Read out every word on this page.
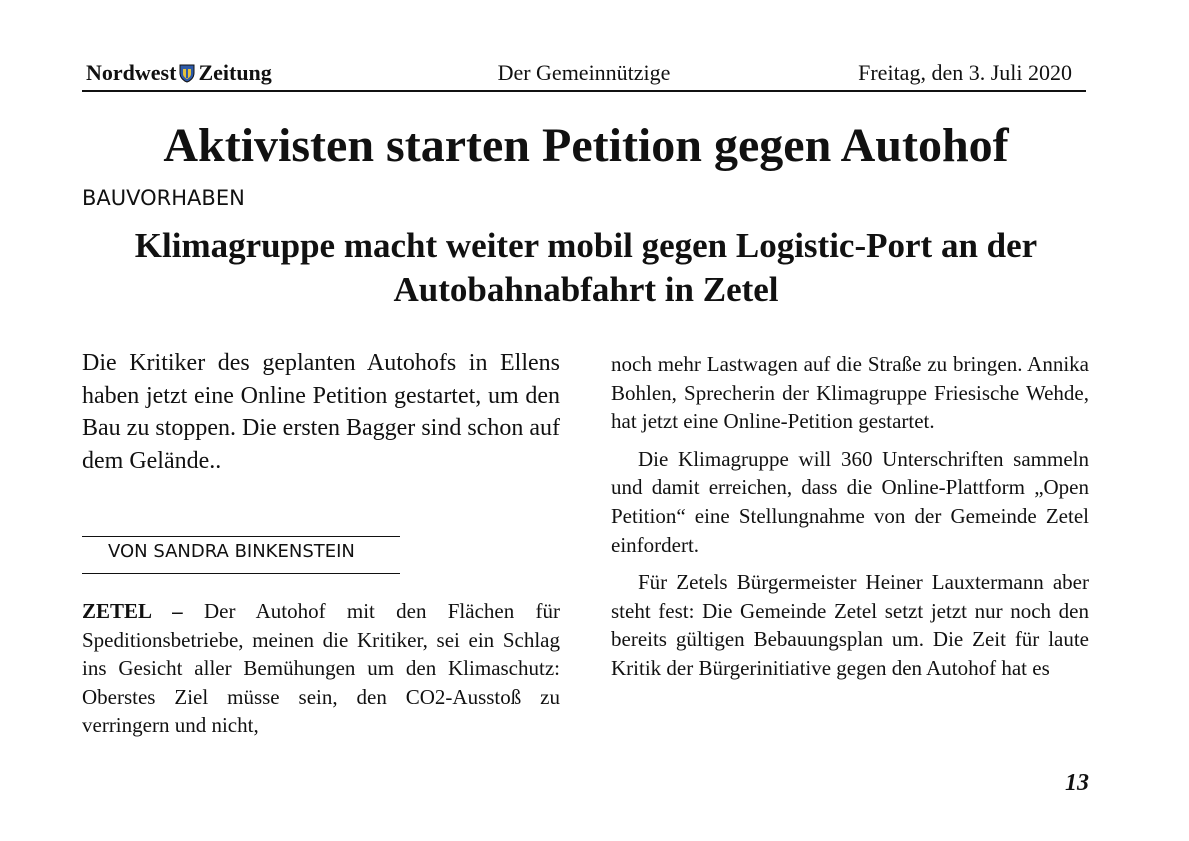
Nordwest Zeitung	Der Gemeinnützige	Freitag, den 3. Juli 2020
Aktivisten starten Petition gegen Autohof
BAUVORHABEN
Klimagruppe macht weiter mobil gegen Logistic-Port an der Autobahnabfahrt in Zetel

Die Kritiker des geplanten Autohofs in Ellens haben jetzt eine Online Petition gestartet, um den Bau zu stoppen. Die ersten Bagger sind schon auf dem Gelände..

VON SANDRA BINKENSTEIN

ZETEL – Der Autohof mit den Flächen für Speditionsbetriebe, meinen die Kritiker, sei ein Schlag ins Gesicht aller Bemühungen um den Klimaschutz: Oberstes Ziel müsse sein, den CO2-Ausstoß zu verringern und nicht,

noch mehr Lastwagen auf die Straße zu bringen. Annika Bohlen, Sprecherin der Klimagruppe Friesische Wehde, hat jetzt eine Online-Petition gestartet.

Die Klimagruppe will 360 Unterschriften sammeln und damit erreichen, dass die Online-Plattform „Open Petition“ eine Stellungnahme von der Gemeinde Zetel einfordert.

Für Zetels Bürgermeister Heiner Lauxtermann aber steht fest: Die Gemeinde Zetel setzt jetzt nur noch den bereits gültigen Bebauungsplan um. Die Zeit für laute Kritik der Bürgerinitiative gegen den Autohof hat es

13
